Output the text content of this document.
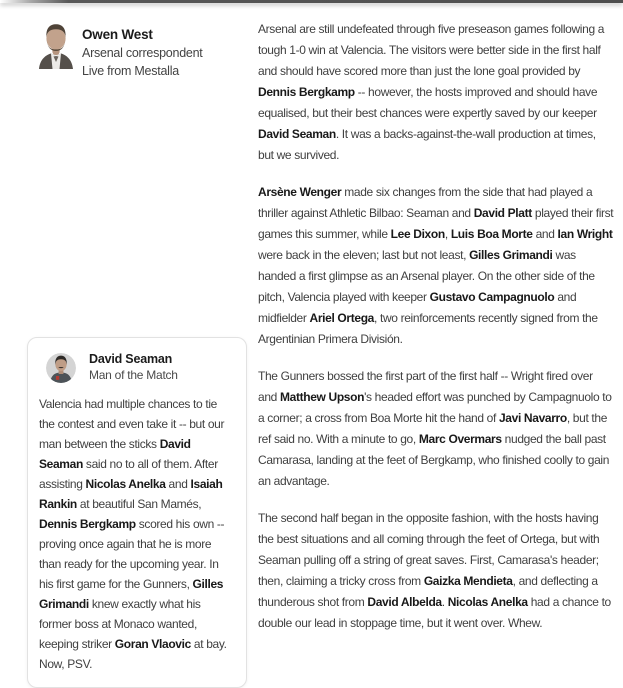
Owen West
Arsenal correspondent
Live from Mestalla
David Seaman
Man of the Match

Valencia had multiple chances to tie the contest and even take it -- but our man between the sticks David Seaman said no to all of them. After assisting Nicolas Anelka and Isaiah Rankin at beautiful San Mamés, Dennis Bergkamp scored his own -- proving once again that he is more than ready for the upcoming year. In his first game for the Gunners, Gilles Grimandi knew exactly what his former boss at Monaco wanted, keeping striker Goran Vlaovic at bay. Now, PSV.

Arsenal are still undefeated through five preseason games following a tough 1-0 win at Valencia. The visitors were better side in the first half and should have scored more than just the lone goal provided by Dennis Bergkamp -- however, the hosts improved and should have equalised, but their best chances were expertly saved by our keeper David Seaman. It was a backs-against-the-wall production at times, but we survived.

Arsène Wenger made six changes from the side that had played a thriller against Athletic Bilbao: Seaman and David Platt played their first games this summer, while Lee Dixon, Luis Boa Morte and Ian Wright were back in the eleven; last but not least, Gilles Grimandi was handed a first glimpse as an Arsenal player. On the other side of the pitch, Valencia played with keeper Gustavo Campagnuolo and midfielder Ariel Ortega, two reinforcements recently signed from the Argentinian Primera División.

The Gunners bossed the first part of the first half -- Wright fired over and Matthew Upson's headed effort was punched by Campagnuolo to a corner; a cross from Boa Morte hit the hand of Javi Navarro, but the ref said no. With a minute to go, Marc Overmars nudged the ball past Camarasa, landing at the feet of Bergkamp, who finished coolly to gain an advantage.

The second half began in the opposite fashion, with the hosts having the best situations and all coming through the feet of Ortega, but with Seaman pulling off a string of great saves. First, Camarasa's header; then, claiming a tricky cross from Gaizka Mendieta, and deflecting a thunderous shot from David Albelda. Nicolas Anelka had a chance to double our lead in stoppage time, but it went over. Whew.
